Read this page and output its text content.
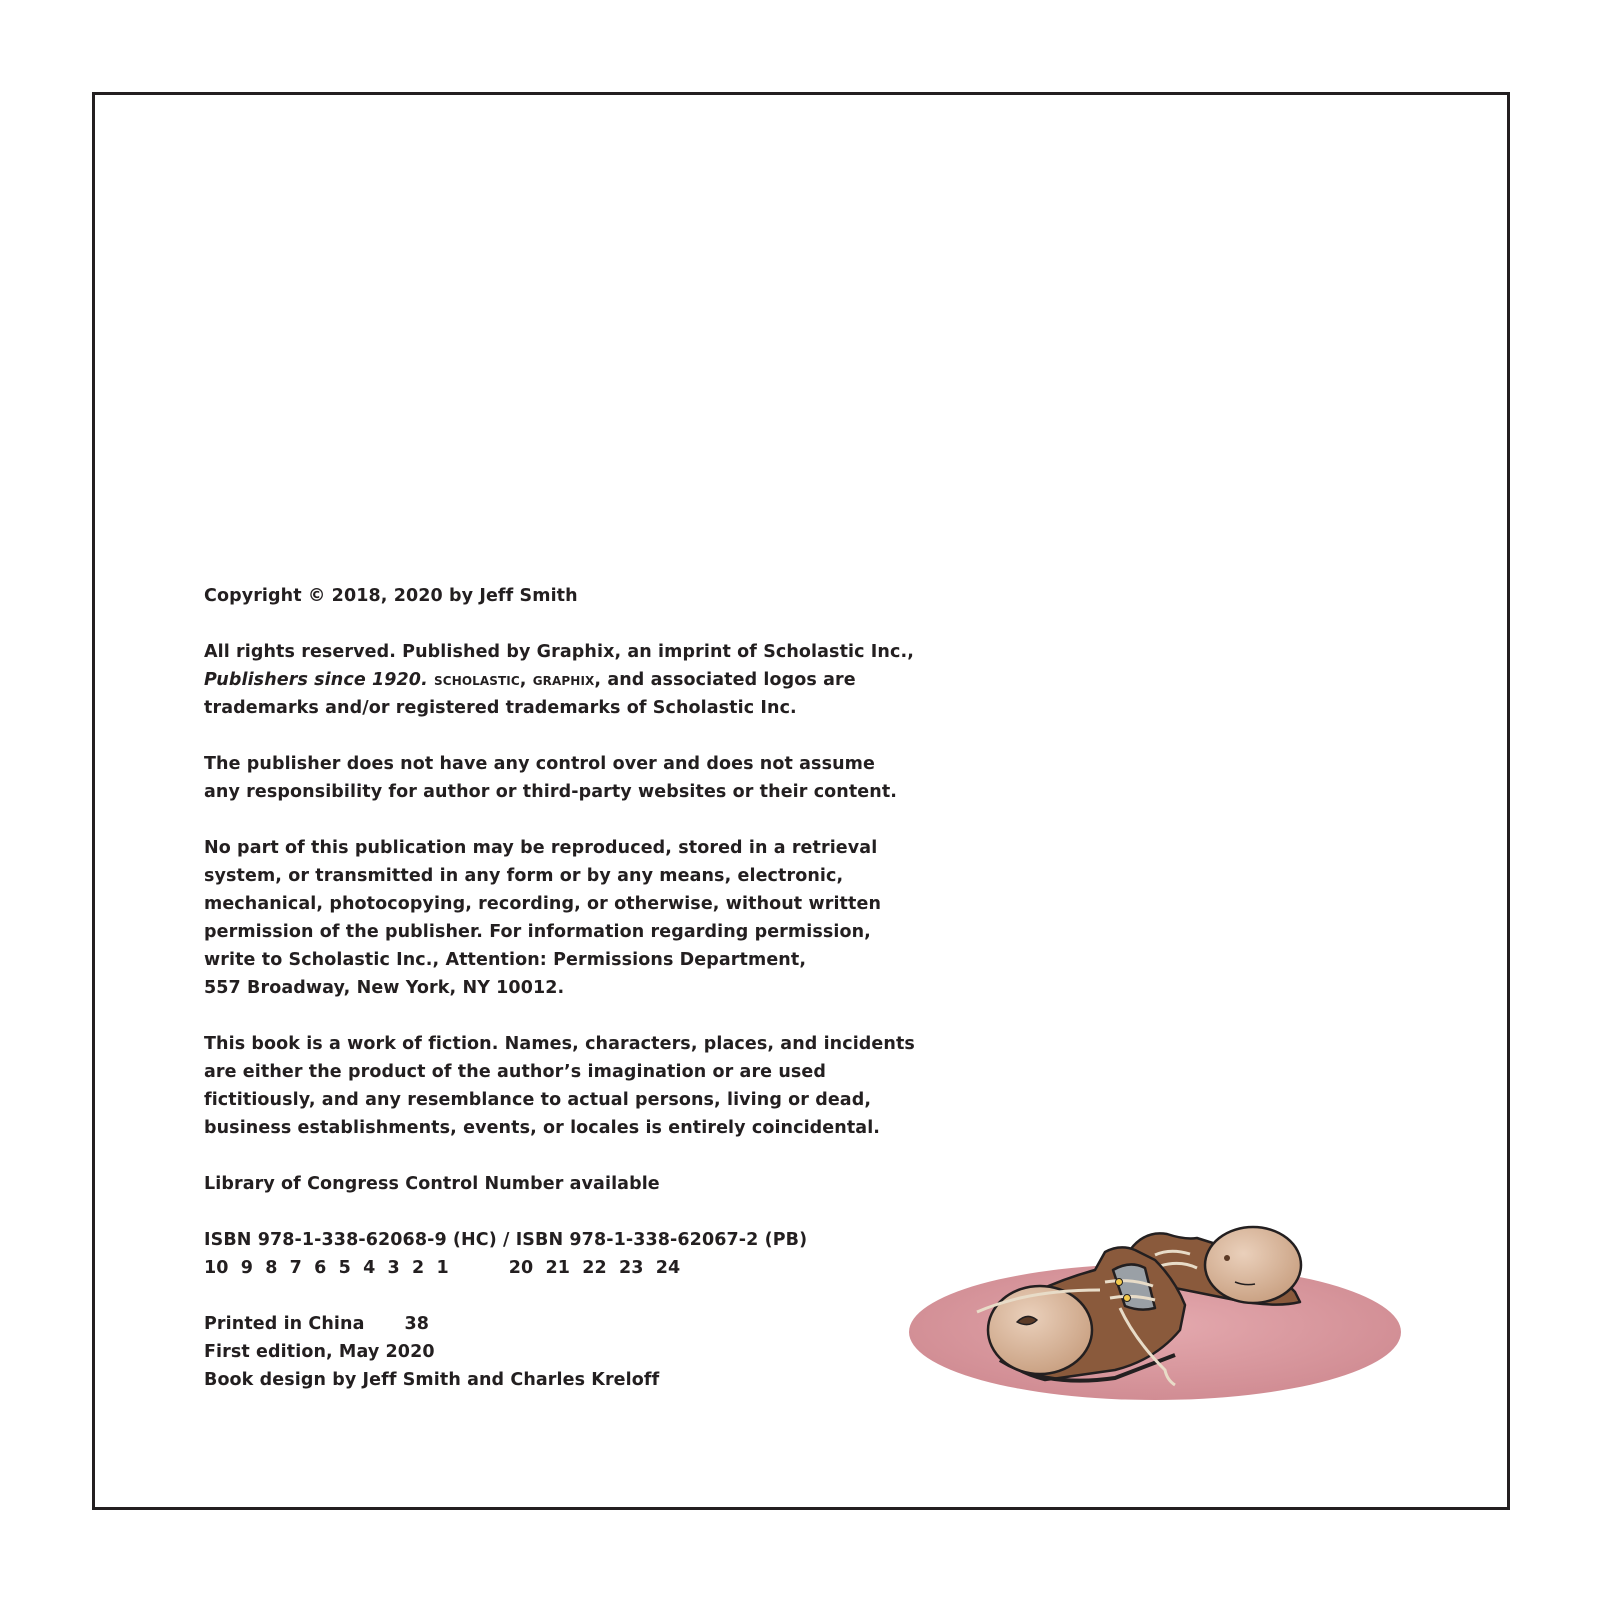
Copyright © 2018, 2020 by Jeff Smith

All rights reserved. Published by Graphix, an imprint of Scholastic Inc.,
Publishers since 1920. scholastic, graphix, and associated logos are
trademarks and/or registered trademarks of Scholastic Inc.

The publisher does not have any control over and does not assume
any responsibility for author or third-party websites or their content.

No part of this publication may be reproduced, stored in a retrieval
system, or transmitted in any form or by any means, electronic,
mechanical, photocopying, recording, or otherwise, without written
permission of the publisher. For information regarding permission,
write to Scholastic Inc., Attention: Permissions Department,
557 Broadway, New York, NY 10012.

This book is a work of fiction. Names, characters, places, and incidents
are either the product of the author’s imagination or are used
fictitiously, and any resemblance to actual persons, living or dead,
business establishments, events, or locales is entirely coincidental.

Library of Congress Control Number available

ISBN 978-1-338-62068-9 (HC) / ISBN 978-1-338-62067-2 (PB)
10 9 8 7 6 5 4 3 2 1	20 21 22 23 24

Printed in China 38
First edition, May 2020
Book design by Jeff Smith and Charles Kreloff
